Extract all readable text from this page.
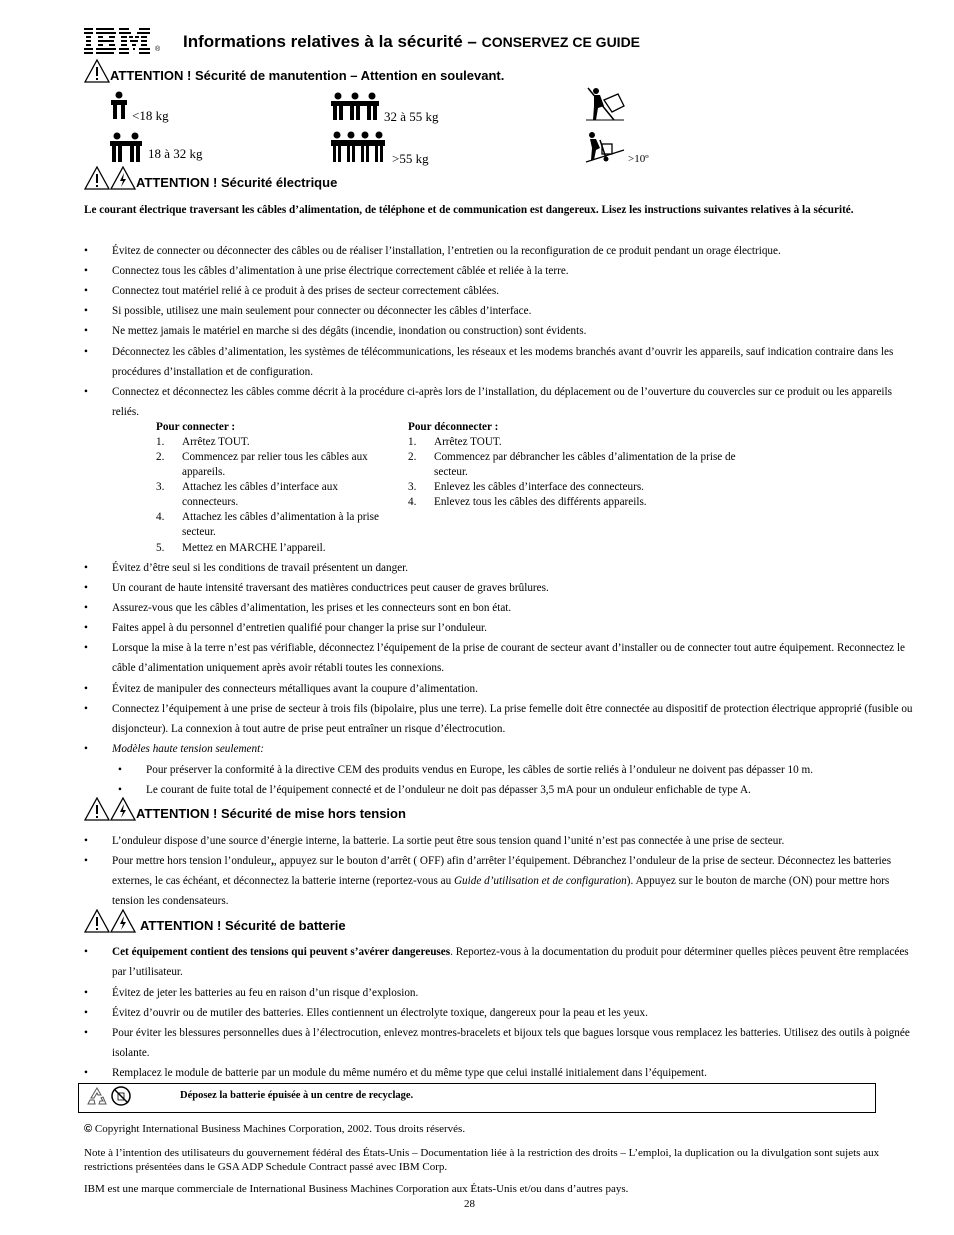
® Informations relatives à la sécurité – CONSERVEZ CE GUIDE
ATTENTION ! Sécurité de manutention – Attention en soulevant.
<18 kg
18 à 32 kg
32 à 55 kg
>55 kg	>10º
ATTENTION ! Sécurité électrique
Le courant électrique traversant les câbles d’alimentation, de téléphone et de communication est dangereux. Lisez les instructions suivantes relatives à la sécurité.
•	Évitez de connecter ou déconnecter des câbles ou de réaliser l’installation, l’entretien ou la reconfiguration de ce produit pendant un orage électrique.
•	Connectez tous les câbles d’alimentation à une prise électrique correctement câblée et reliée à la terre.
•	Connectez tout matériel relié à ce produit à des prises de secteur correctement câblées.
•	Si possible, utilisez une main seulement pour connecter ou déconnecter les câbles d’interface.
•	Ne mettez jamais le matériel en marche si des dégâts (incendie, inondation ou construction) sont évidents.
•	Déconnectez les câbles d’alimentation, les systèmes de télécommunications, les réseaux et les modems branchés avant d’ouvrir les appareils, sauf indication contraire dans les procédures d’installation et de configuration.
•	Connectez et déconnectez les câbles comme décrit à la procédure ci-après lors de l’installation, du déplacement ou de l’ouverture du couvercles sur ce produit ou les appareils reliés.
Pour connecter :
1. Arrêtez TOUT.
2. Commencez par relier tous les câbles aux appareils.
3. Attachez les câbles d’interface aux connecteurs.
4. Attachez les câbles d’alimentation à la prise secteur.
5. Mettez en MARCHE l’appareil.
Pour déconnecter :
1. Arrêtez TOUT.
2. Commencez par débrancher les câbles d’alimentation de la prise de secteur.
3. Enlevez les câbles d’interface des connecteurs.
4. Enlevez tous les câbles des différents appareils.
•	Évitez d’être seul si les conditions de travail présentent un danger.
•	Un courant de haute intensité traversant des matières conductrices peut causer de graves brûlures.
•	Assurez-vous que les câbles d’alimentation, les prises et les connecteurs sont en bon état.
•	Faites appel à du personnel d’entretien qualifié pour changer la prise sur l’onduleur.
•	Lorsque la mise à la terre n’est pas vérifiable, déconnectez l’équipement de la prise de courant de secteur avant d’installer ou de connecter tout autre équipement. Reconnectez le câble d’alimentation uniquement après avoir rétabli toutes les connexions.
•	Évitez de manipuler des connecteurs métalliques avant la coupure d’alimentation.
•	Connectez l’équipement à une prise de secteur à trois fils (bipolaire, plus une terre). La prise femelle doit être connectée au dispositif de protection électrique approprié (fusible ou disjoncteur). La connexion à tout autre de prise peut entraîner un risque d’électrocution.
•	Modèles haute tension seulement:
• Pour préserver la conformité à la directive CEM des produits vendus en Europe, les câbles de sortie reliés à l’onduleur ne doivent pas dépasser 10 m.
• Le courant de fuite total de l’équipement connecté et de l’onduleur ne doit pas dépasser 3,5 mA pour un onduleur enfichable de type A.
ATTENTION ! Sécurité de mise hors tension
•	L’onduleur dispose d’une source d’énergie interne, la batterie. La sortie peut être sous tension quand l’unité n’est pas connectée à une prise de secteur.
•	Pour mettre hors tension l’onduleur,, appuyez sur le bouton d’arrêt ( OFF) afin d’arrêter l’équipement. Débranchez l’onduleur de la prise de secteur. Déconnectez les batteries externes, le cas échéant, et déconnectez la batterie interne (reportez-vous au Guide d’utilisation et de configuration). Appuyez sur le bouton de marche (ON) pour mettre hors tension les condensateurs.
ATTENTION ! Sécurité de batterie
•	Cet équipement contient des tensions qui peuvent s’avérer dangereuses. Reportez-vous à la documentation du produit pour déterminer quelles pièces peuvent être remplacées par l’utilisateur.
•	Évitez de jeter les batteries au feu en raison d’un risque d’explosion.
•	Évitez d’ouvrir ou de mutiler des batteries. Elles contiennent un électrolyte toxique, dangereux pour la peau et les yeux.
•	Pour éviter les blessures personnelles dues à l’électrocution, enlevez montres-bracelets et bijoux tels que bagues lorsque vous remplacez les batteries. Utilisez des outils à poignée isolante.
•	Remplacez le module de batterie par un module du même numéro et du même type que celui installé initialement dans l’équipement.
Déposez la batterie épuisée à un centre de recyclage.
© Copyright International Business Machines Corporation, 2002. Tous droits réservés.
Note à l’intention des utilisateurs du gouvernement fédéral des États-Unis – Documentation liée à la restriction des droits – L’emploi, la duplication ou la divulgation sont sujets aux restrictions présentées dans le GSA ADP Schedule Contract passé avec IBM Corp.
IBM est une marque commerciale de International Business Machines Corporation aux États-Unis et/ou dans d’autres pays.
28
